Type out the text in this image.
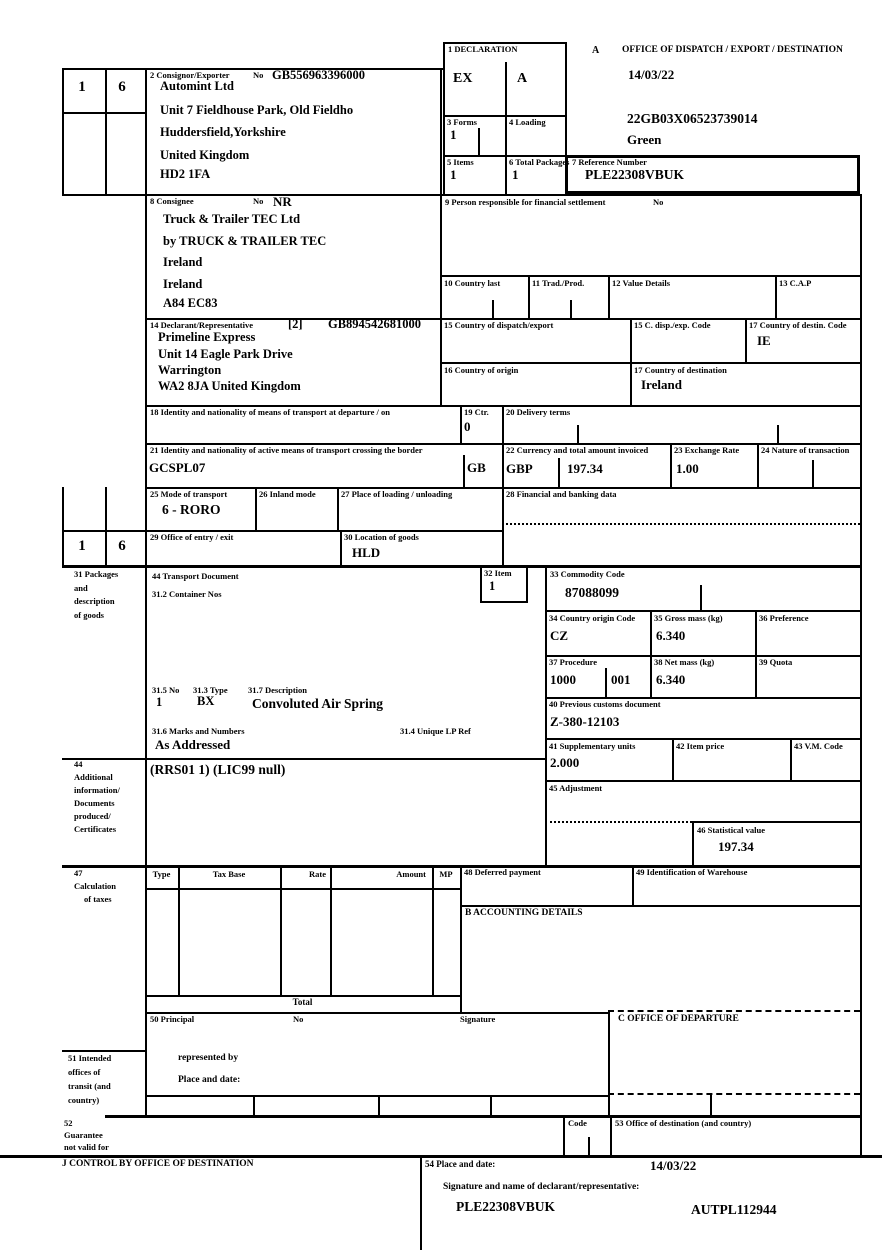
1	6
1	6
1 DECLARATION
EX	A
A OFFICE OF DISPATCH / EXPORT / DESTINATION
14/03/22
22GB03X06523739014
Green
2 Consignor/Exporter	No GB556963396000
Automint Ltd
Unit 7 Fieldhouse Park, Old Fieldho
Huddersfield,Yorkshire
United Kingdom
HD2 1FA
3 Forms
1
4 Loading
5 Items
1
6 Total Packages
1
7 Reference Number
PLE22308VBUK
8 Consignee	No NR
Truck & Trailer TEC Ltd
by TRUCK & TRAILER TEC
Ireland
Ireland
A84 EC83
9 Person responsible for financial settlement	No
10 Country last	11 Trad./Prod.	12 Value Details	13 C.A.P
14 Declarant/Representative	[2] GB894542681000
Primeline Express
Unit 14 Eagle Park Drive
Warrington
WA2 8JA United Kingdom
15 Country of dispatch/export	15 C. disp./exp. Code	17 Country of destin. Code
IE
16 Country of origin	17 Country of destination
Ireland
18 Identity and nationality of means of transport at departure / on	19 Ctr.
0
20 Delivery terms
21 Identity and nationality of active means of transport crossing the border
GCSPL07	GB
22 Currency and total amount invoiced
GBP	197.34
23 Exchange Rate
1.00
24 Nature of transaction
25 Mode of transport
6 - RORO
26 Inland mode	27 Place of loading / unloading	28 Financial and banking data
29 Office of entry / exit	30 Location of goods
HLD
31 Packages
and
description
of goods
44 Transport Document
31.2 Container Nos
32 Item
1
31.5 No
1
31.3 Type
BX
31.7 Description
Convoluted Air Spring
31.6 Marks and Numbers
As Addressed
31.4 Unique LP Ref
33 Commodity Code
87088099
34 Country origin Code
CZ
35 Gross mass (kg)
6.340
36 Preference
37 Procedure
1000	001
38 Net mass (kg)
6.340
39 Quota
40 Previous customs document
Z-380-12103
41 Supplementary units
2.000
42 Item price	43 V.M. Code
45 Adjustment
46 Statistical value
197.34
44
Additional
information/
Documents
produced/
Certificates
(RRS01 1) (LIC99 null)
47
Calculation
of taxes
Type	Tax Base	Rate	Amount	MP
Total
48 Deferred payment	49 Identification of Warehouse
B ACCOUNTING DETAILS
50 Principal	No	Signature
represented by
Place and date:
51 Intended
offices of
transit (and
country)
C OFFICE OF DEPARTURE
52
Guarantee
not valid for
Code	53 Office of destination (and country)
J CONTROL BY OFFICE OF DESTINATION	54 Place and date:	14/03/22
Signature and name of declarant/representative:
PLE22308VBUK	AUTPL112944
